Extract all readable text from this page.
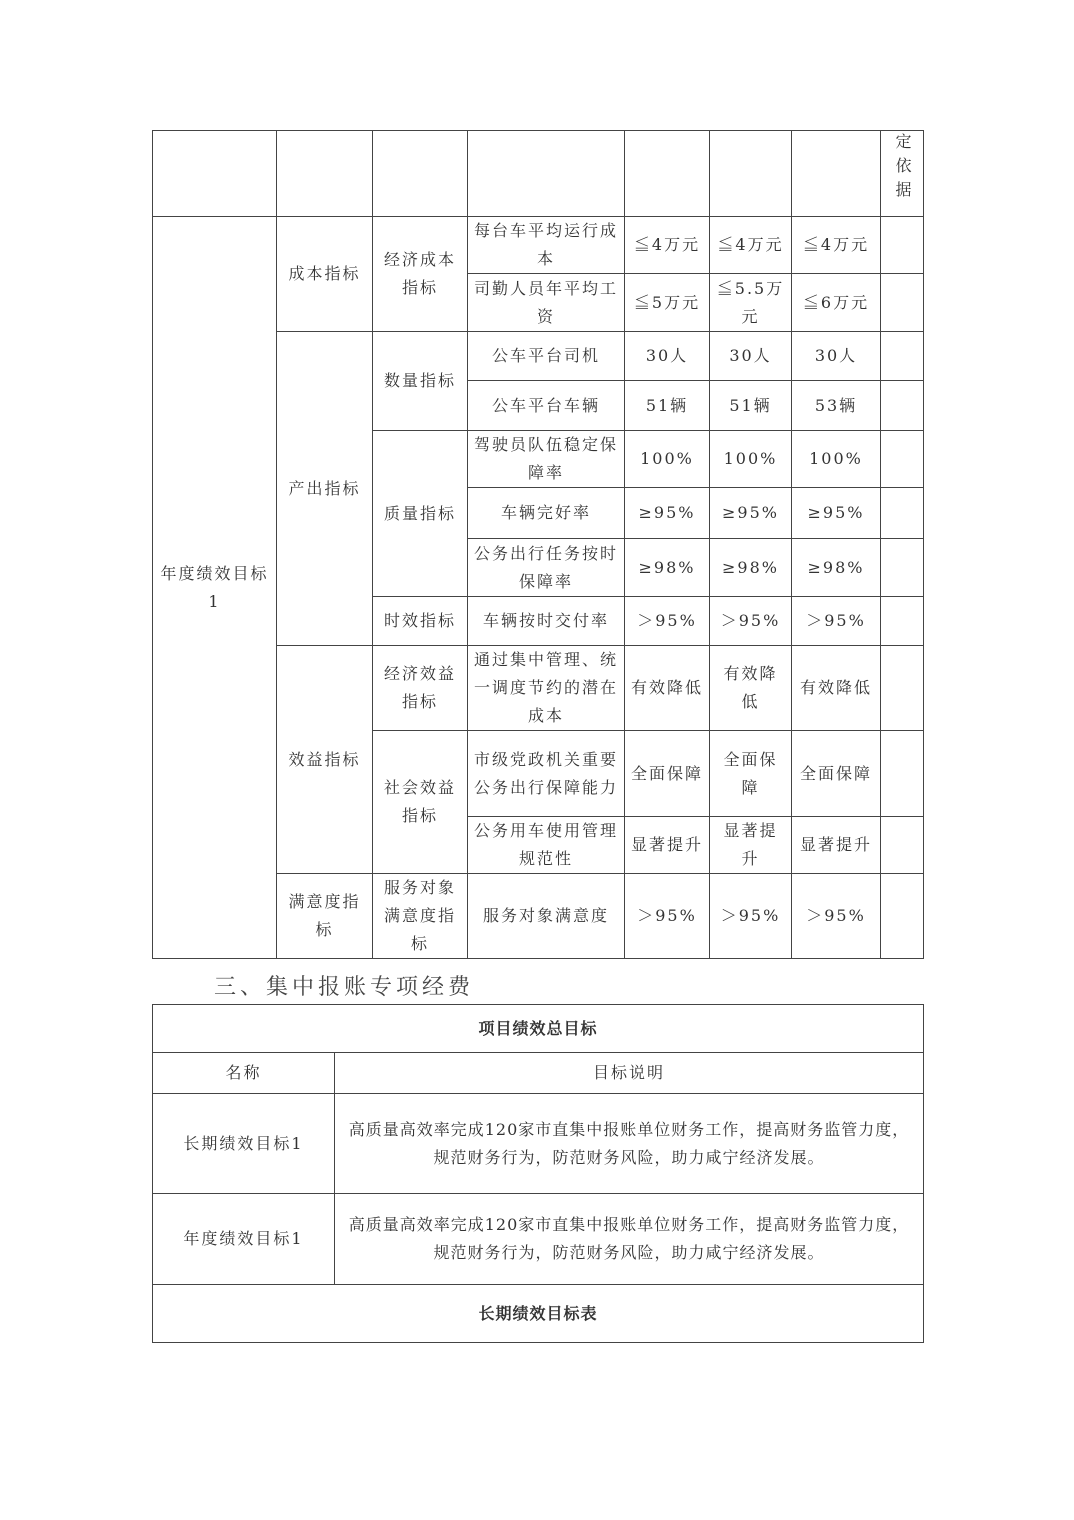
							定依据
年度绩效目标1	成本指标	经济成本指标	每台车平均运行成本	≦4万元	≦4万元	≦4万元	
			司勤人员年平均工资	≦5万元	≦5.5万元	≦6万元	
	产出指标	数量指标	公车平台司机	30人	30人	30人	
			公车平台车辆	51辆	51辆	53辆	
		质量指标	驾驶员队伍稳定保障率	100%	100%	100%	
			车辆完好率	≥95%	≥95%	≥95%	
			公务出行任务按时保障率	≥98%	≥98%	≥98%	
		时效指标	车辆按时交付率	＞95%	＞95%	＞95%	
	效益指标	经济效益指标	通过集中管理、统一调度节约的潜在成本	有效降低	有效降低	有效降低	
		社会效益指标	市级党政机关重要公务出行保障能力	全面保障	全面保障	全面保障	
			公务用车使用管理规范性	显著提升	显著提升	显著提升	
	满意度指标	服务对象满意度指标	服务对象满意度	＞95%	＞95%	＞95%	
三、集中报账专项经费
项目绩效总目标	
名称	目标说明
长期绩效目标1	高质量高效率完成120家市直集中报账单位财务工作，提高财务监管力度，规范财务行为，防范财务风险，助力咸宁经济发展。
年度绩效目标1	高质量高效率完成120家市直集中报账单位财务工作，提高财务监管力度，规范财务行为，防范财务风险，助力咸宁经济发展。
长期绩效目标表	
